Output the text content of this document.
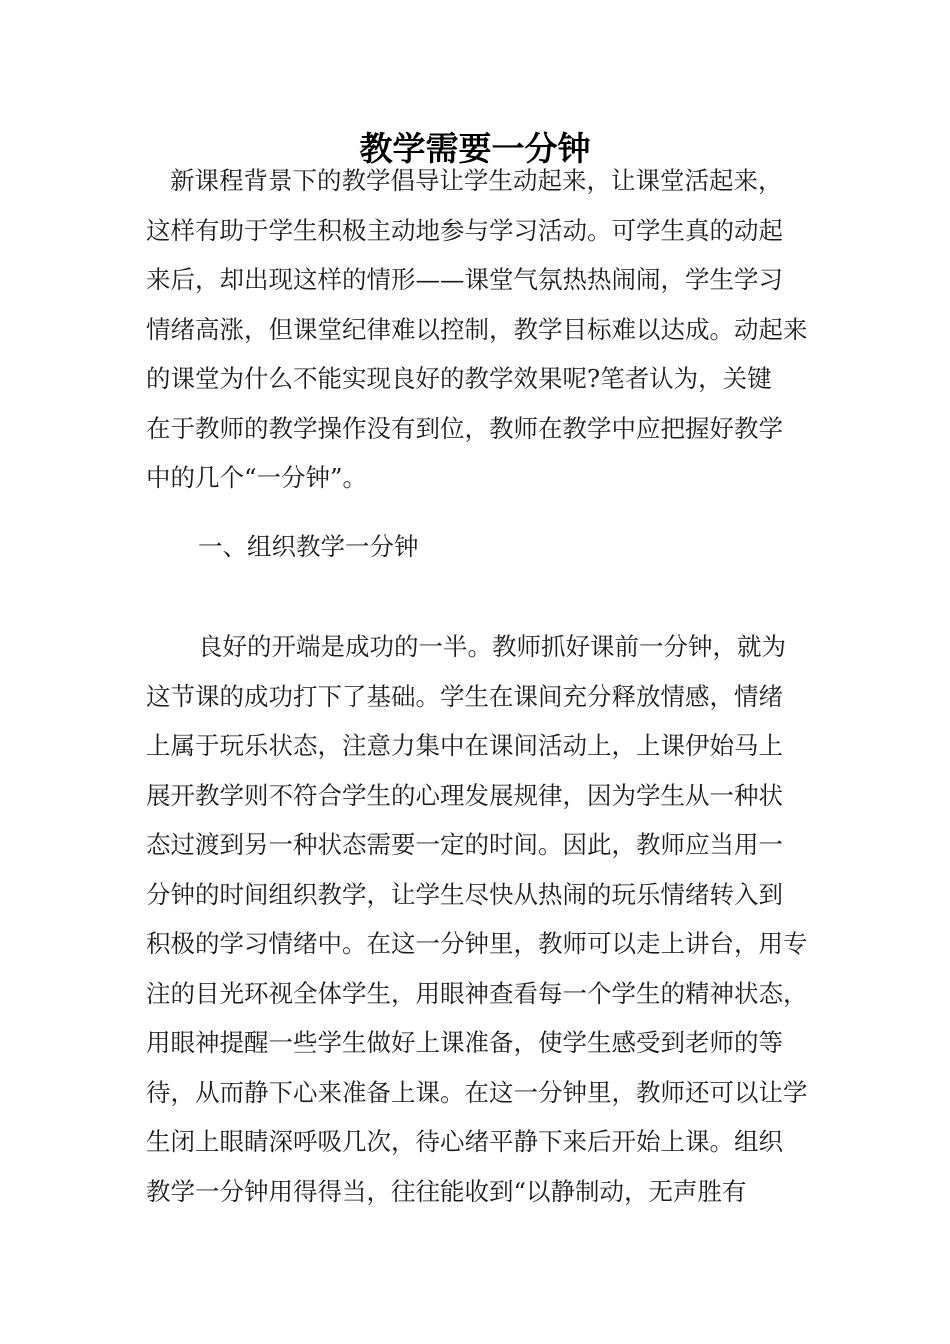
教学需要一分钟
新课程背景下的教学倡导让学生动起来，让课堂活起来，
这样有助于学生积极主动地参与学习活动。可学生真的动起
来后，却出现这样的情形——课堂气氛热热闹闹，学生学习
情绪高涨，但课堂纪律难以控制，教学目标难以达成。动起来
的课堂为什么不能实现良好的教学效果呢?笔者认为，关键
在于教师的教学操作没有到位，教师在教学中应把握好教学
中的几个“一分钟”。
一、组织教学一分钟
良好的开端是成功的一半。教师抓好课前一分钟，就为
这节课的成功打下了基础。学生在课间充分释放情感，情绪
上属于玩乐状态，注意力集中在课间活动上，上课伊始马上
展开教学则不符合学生的心理发展规律，因为学生从一种状
态过渡到另一种状态需要一定的时间。因此，教师应当用一
分钟的时间组织教学，让学生尽快从热闹的玩乐情绪转入到
积极的学习情绪中。在这一分钟里，教师可以走上讲台，用专
注的目光环视全体学生，用眼神查看每一个学生的精神状态，
用眼神提醒一些学生做好上课准备，使学生感受到老师的等
待，从而静下心来准备上课。在这一分钟里，教师还可以让学
生闭上眼睛深呼吸几次，待心绪平静下来后开始上课。组织
教学一分钟用得得当，往往能收到“以静制动，无声胜有
